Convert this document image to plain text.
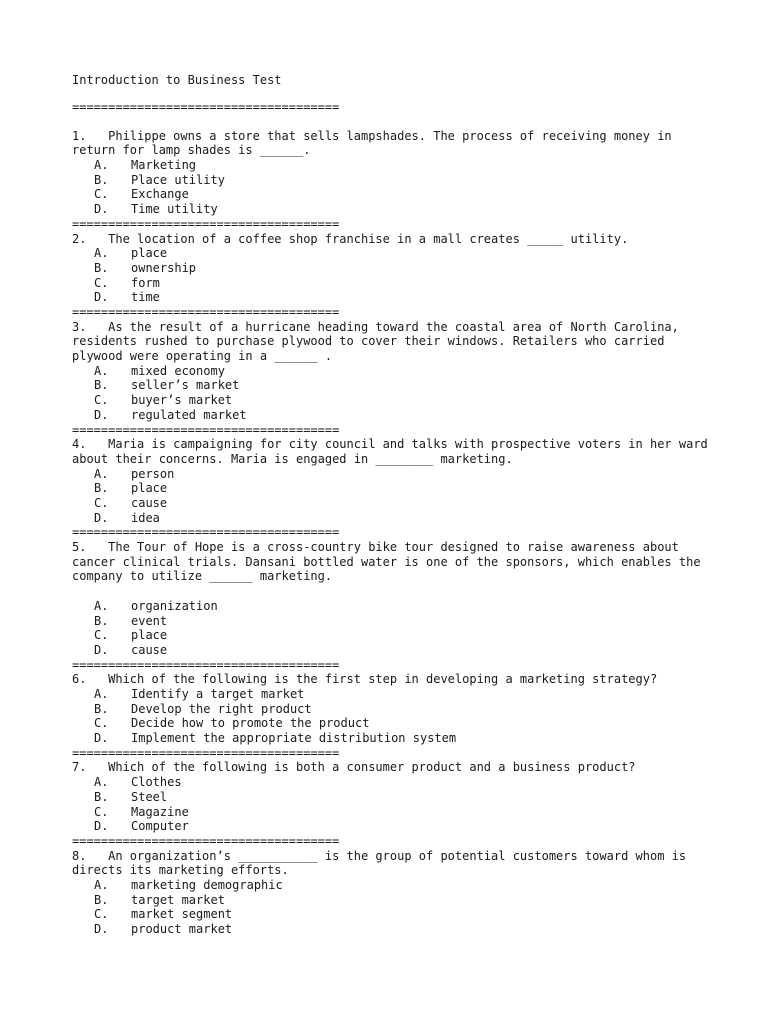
Introduction to Business Test
=====================================
1.   Philippe owns a store that sells lampshades. The process of receiving money in return for lamp shades is ______.
A.	Marketing
B.	Place utility
C.	Exchange
D.	Time utility
=====================================
2.   The location of a coffee shop franchise in a mall creates _____ utility.
A.	place
B.	ownership
C.	form
D.	time
=====================================
3.   As the result of a hurricane heading toward the coastal area of North Carolina, residents rushed to purchase plywood to cover their windows. Retailers who carried plywood were operating in a ______ .
A.	mixed economy
B.	seller’s market
C.	buyer’s market
D.	regulated market
=====================================
4.   Maria is campaigning for city council and talks with prospective voters in her ward about their concerns. Maria is engaged in ________ marketing.
A.	person
B.	place
C.	cause
D.	idea
=====================================
5.   The Tour of Hope is a cross-country bike tour designed to raise awareness about cancer clinical trials. Dansani bottled water is one of the sponsors, which enables the company to utilize ______ marketing.
A.	organization
B.	event
C.	place
D.	cause
=====================================
6.   Which of the following is the first step in developing a marketing strategy?
A.	Identify a target market
B.	Develop the right product
C.	Decide how to promote the product
D.	Implement the appropriate distribution system
=====================================
7.   Which of the following is both a consumer product and a business product?
A.	Clothes
B.	Steel
C.	Magazine
D.	Computer
=====================================
8.   An organization’s ___________ is the group of potential customers toward whom is directs its marketing efforts.
A.	marketing demographic
B.	target market
C.	market segment
D.	product market
